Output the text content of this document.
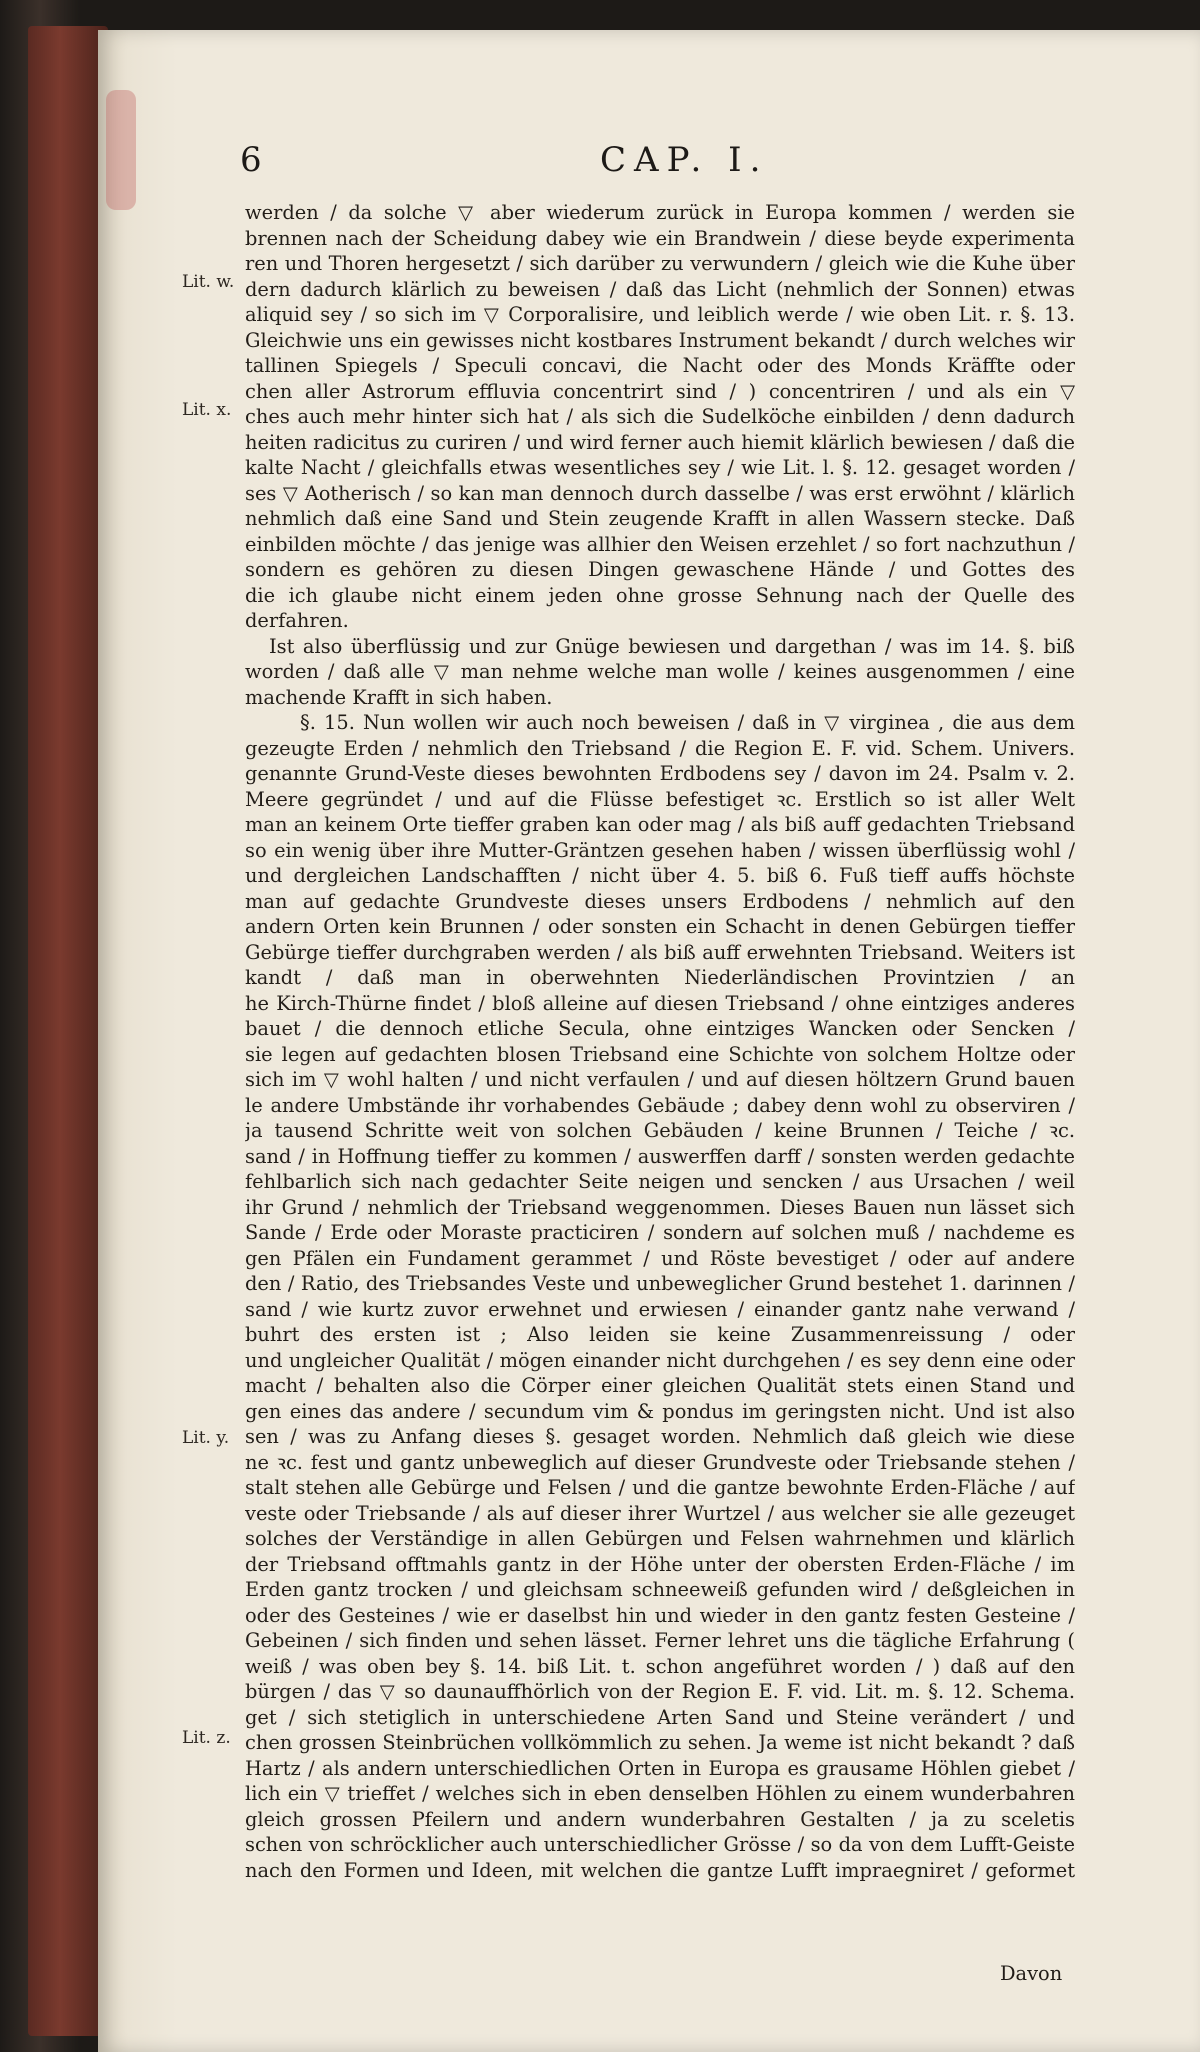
6	CAP. I.
Lit. w.
Lit. x.
Lit. y.
Lit. z.
werden / da solche ▽ aber wiederum zurück in Europa kommen / werden sie
brennen nach der Scheidung dabey wie ein Brandwein / diese beyde experimenta
ren und Thoren hergesetzt / sich darüber zu verwundern / gleich wie die Kuhe über
dern dadurch klärlich zu beweisen / daß das Licht (nehmlich der Sonnen) etwas
aliquid sey / so sich im ▽ Corporalisire, und leiblich werde / wie oben Lit. r. §. 13.
Gleichwie uns ein gewisses nicht kostbares Instrument bekandt / durch welches wir
tallinen Spiegels / Speculi concavi, die Nacht oder des Monds Kräffte oder
chen aller Astrorum effluvia concentrirt sind / ) concentriren / und als ein ▽
ches auch mehr hinter sich hat / als sich die Sudelköche einbilden / denn dadurch
heiten radicitus zu curiren / und wird ferner auch hiemit klärlich bewiesen / daß die
kalte Nacht / gleichfalls etwas wesentliches sey / wie Lit. l. §. 12. gesaget worden /
ses ▽ Aotherisch / so kan man dennoch durch dasselbe / was erst erwöhnt / klärlich
nehmlich daß eine Sand und Stein zeugende Krafft in allen Wassern stecke. Daß
einbilden möchte / das jenige was allhier den Weisen erzehlet / so fort nachzuthun /
sondern es gehören zu diesen Dingen gewaschene Hände / und Gottes des
die ich glaube nicht einem jeden ohne grosse Sehnung nach der Quelle des
derfahren.
Ist also überflüssig und zur Gnüge bewiesen und dargethan / was im 14. §. biß
worden / daß alle ▽ man nehme welche man wolle / keines ausgenommen / eine
machende Krafft in sich haben.
§. 15. Nun wollen wir auch noch beweisen / daß in ▽ virginea , die aus dem
gezeugte Erden / nehmlich den Triebsand / die Region E. F. vid. Schem. Univers.
genannte Grund-Veste dieses bewohnten Erdbodens sey / davon im 24. Psalm v. 2.
Meere gegründet / und auf die Flüsse befestiget ꝛc. Erstlich so ist aller Welt
man an keinem Orte tieffer graben kan oder mag / als biß auff gedachten Triebsand
so ein wenig über ihre Mutter-Gräntzen gesehen haben / wissen überflüssig wohl /
und dergleichen Landschafften / nicht über 4. 5. biß 6. Fuß tieff auffs höchste
man auf gedachte Grundveste dieses unsers Erdbodens / nehmlich auf den
andern Orten kein Brunnen / oder sonsten ein Schacht in denen Gebürgen tieffer
Gebürge tieffer durchgraben werden / als biß auff erwehnten Triebsand. Weiters ist
kandt / daß man in oberwehnten Niederländischen Provintzien / an
he Kirch-Thürne findet / bloß alleine auf diesen Triebsand / ohne eintziges anderes
bauet / die dennoch etliche Secula, ohne eintziges Wancken oder Sencken /
sie legen auf gedachten blosen Triebsand eine Schichte von solchem Holtze oder
sich im ▽ wohl halten / und nicht verfaulen / und auf diesen höltzern Grund bauen
le andere Umbstände ihr vorhabendes Gebäude ; dabey denn wohl zu observiren /
ja tausend Schritte weit von solchen Gebäuden / keine Brunnen / Teiche / ꝛc.
sand / in Hoffnung tieffer zu kommen / auswerffen darff / sonsten werden gedachte
fehlbarlich sich nach gedachter Seite neigen und sencken / aus Ursachen / weil
ihr Grund / nehmlich der Triebsand weggenommen. Dieses Bauen nun lässet sich
Sande / Erde oder Moraste practiciren / sondern auf solchen muß / nachdeme es
gen Pfälen ein Fundament gerammet / und Röste bevestiget / oder auf andere
den / Ratio, des Triebsandes Veste und unbeweglicher Grund bestehet 1. darinnen /
sand / wie kurtz zuvor erwehnet und erwiesen / einander gantz nahe verwand /
buhrt des ersten ist ; Also leiden sie keine Zusammenreissung / oder
und ungleicher Qualität / mögen einander nicht durchgehen / es sey denn eine oder
macht / behalten also die Cörper einer gleichen Qualität stets einen Stand und
gen eines das andere / secundum vim & pondus im geringsten nicht. Und ist also
sen / was zu Anfang dieses §. gesaget worden. Nehmlich daß gleich wie diese
ne ꝛc. fest und gantz unbeweglich auf dieser Grundveste oder Triebsande stehen /
stalt stehen alle Gebürge und Felsen / und die gantze bewohnte Erden-Fläche / auf
veste oder Triebsande / als auf dieser ihrer Wurtzel / aus welcher sie alle gezeuget
solches der Verständige in allen Gebürgen und Felsen wahrnehmen und klärlich
der Triebsand offtmahls gantz in der Höhe unter der obersten Erden-Fläche / im
Erden gantz trocken / und gleichsam schneeweiß gefunden wird / deßgleichen in
oder des Gesteines / wie er daselbst hin und wieder in den gantz festen Gesteine /
Gebeinen / sich finden und sehen lässet. Ferner lehret uns die tägliche Erfahrung (
weiß / was oben bey §. 14. biß Lit. t. schon angeführet worden / ) daß auf den
bürgen / das ▽ so daunauffhörlich von der Region E. F. vid. Lit. m. §. 12. Schema.
get / sich stetiglich in unterschiedene Arten Sand und Steine verändert / und
chen grossen Steinbrüchen vollkömmlich zu sehen. Ja weme ist nicht bekandt ? daß
Hartz / als andern unterschiedlichen Orten in Europa es grausame Höhlen giebet /
lich ein ▽ trieffet / welches sich in eben denselben Höhlen zu einem wunderbahren
gleich grossen Pfeilern und andern wunderbahren Gestalten / ja zu sceletis
schen von schröcklicher auch unterschiedlicher Grösse / so da von dem Lufft-Geiste
nach den Formen und Ideen, mit welchen die gantze Lufft impraegniret / geformet
Davon
